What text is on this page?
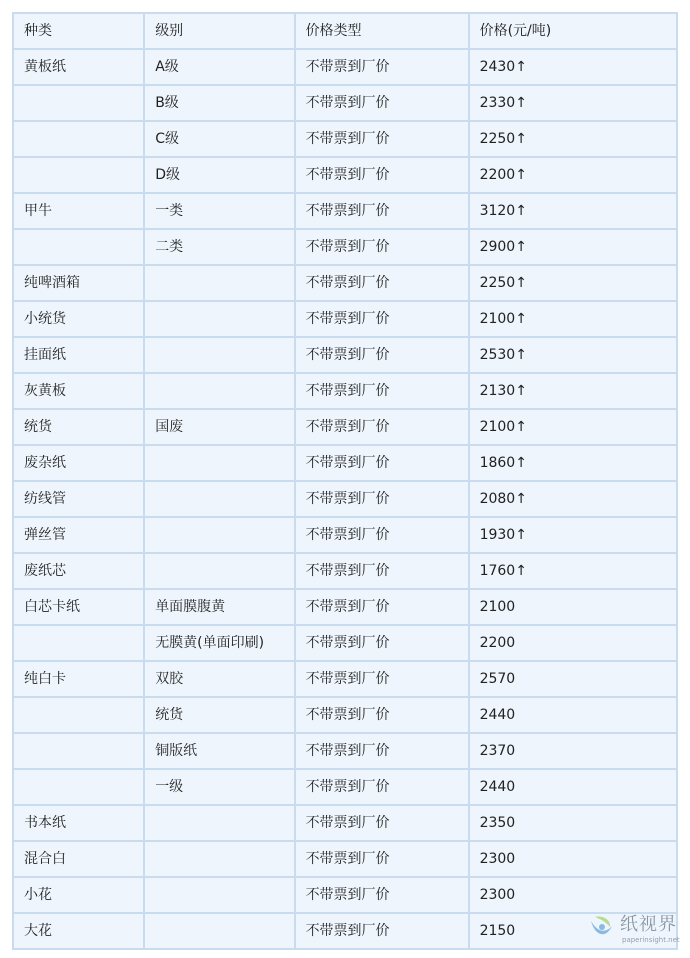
种类	级别	价格类型	价格(元/吨)
黄板纸	A级	不带票到厂价	2430↑
	B级	不带票到厂价	2330↑
	C级	不带票到厂价	2250↑
	D级	不带票到厂价	2200↑
甲牛	一类	不带票到厂价	3120↑
	二类	不带票到厂价	2900↑
纯啤酒箱		不带票到厂价	2250↑
小统货		不带票到厂价	2100↑
挂面纸		不带票到厂价	2530↑
灰黄板		不带票到厂价	2130↑
统货	国废	不带票到厂价	2100↑
废杂纸		不带票到厂价	1860↑
纺线管		不带票到厂价	2080↑
弹丝管		不带票到厂价	1930↑
废纸芯		不带票到厂价	1760↑
白芯卡纸	单面膜腹黄	不带票到厂价	2100
	无膜黄(单面印刷)	不带票到厂价	2200
纯白卡	双胶	不带票到厂价	2570
	统货	不带票到厂价	2440
	铜版纸	不带票到厂价	2370
	一级	不带票到厂价	2440
书本纸		不带票到厂价	2350
混合白		不带票到厂价	2300
小花		不带票到厂价	2300
大花		不带票到厂价	2150	纸视界
paperinsight.net
